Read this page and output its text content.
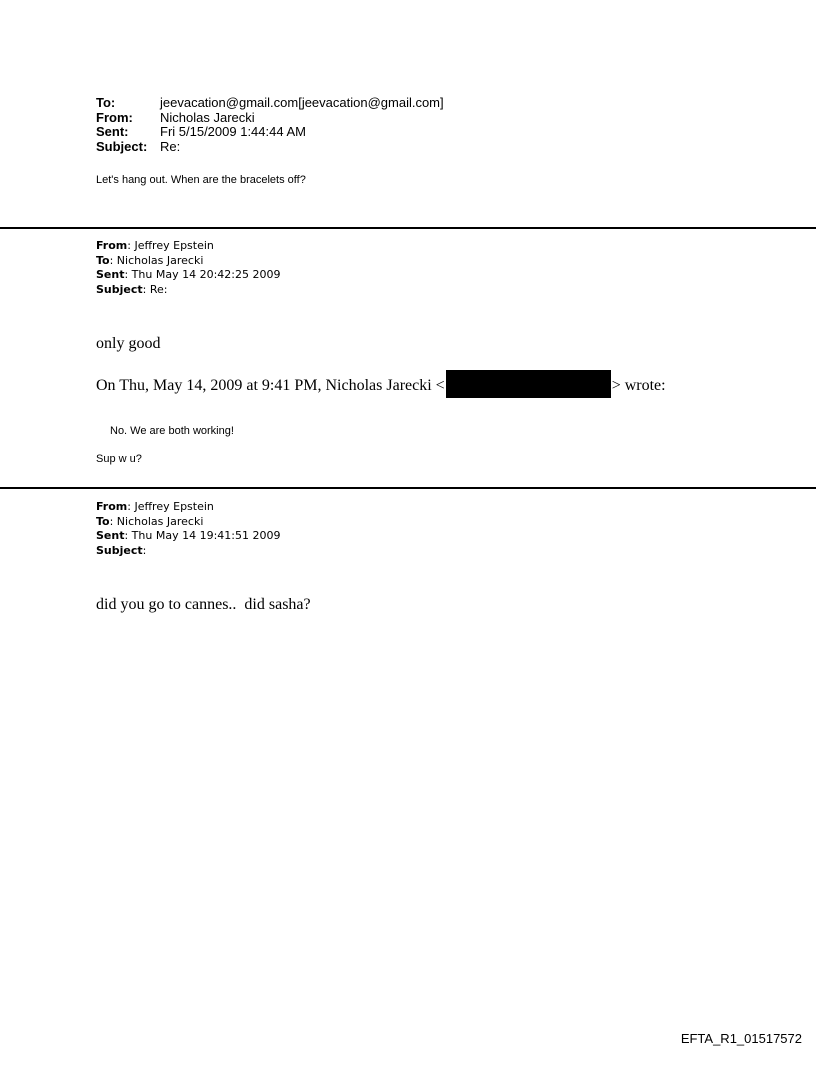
To:	jeevacation@gmail.com[jeevacation@gmail.com]
From: Nicholas Jarecki
Sent: Fri 5/15/2009 1:44:44 AM
Subject: Re:
Let's hang out. When are the bracelets off?
From: Jeffrey Epstein
To: Nicholas Jarecki
Sent: Thu May 14 20:42:25 2009
Subject: Re:
only good
On Thu, May 14, 2009 at 9:41 PM, Nicholas Jarecki <	> wrote:
No. We are both working!
Sup w u?
From: Jeffrey Epstein
To: Nicholas Jarecki
Sent: Thu May 14 19:41:51 2009
Subject:
did you go to cannes..  did sasha?
EFTA_R1_01517572
